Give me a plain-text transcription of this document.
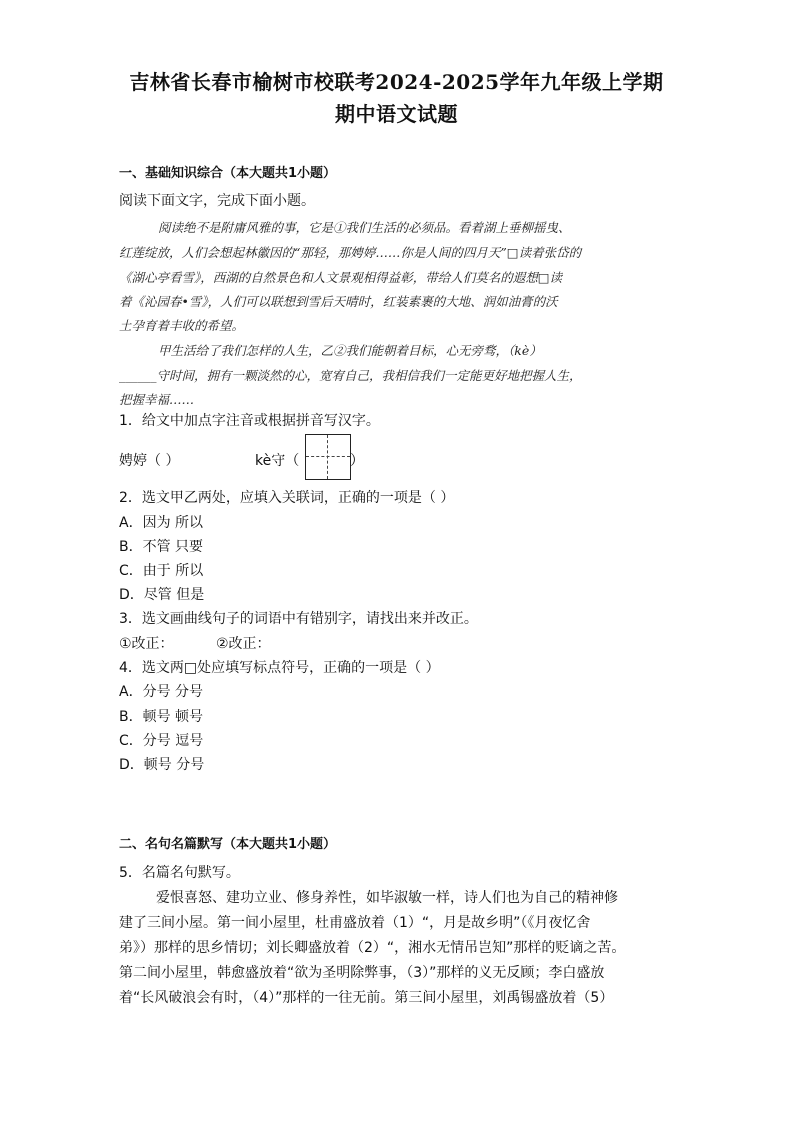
吉林省长春市榆树市校联考2024-2025学年九年级上学期
期中语文试题
一、基础知识综合（本大题共1小题）
阅读下面文字，完成下面小题。
阅读绝不是附庸风雅的事，它是①我们生活的必须品。看着湖上垂柳摇曳、
红莲绽放，人们会想起林徽因的“那轻，那娉婷……你是人间的四月天”□读着张岱的
《湖心亭看雪》，西湖的自然景色和人文景观相得益彰，带给人们莫名的遐想□读
着《沁园春•雪》，人们可以联想到雪后天晴时，红装素裹的大地、润如油膏的沃
土孕育着丰收的希望。
甲生活给了我们怎样的人生，乙②我们能朝着目标，心无旁骛，（kè）
______守时间，拥有一颗淡然的心，宽宥自己，我相信我们一定能更好地把握人生，
把握幸福……
1．给文中加点字注音或根据拼音写汉字。
娉婷（ ）	kè守（	）
2．选文甲乙两处，应填入关联词，正确的一项是（ ）
A．因为 所以
B．不管 只要
C．由于 所以
D．尽管 但是
3．选文画曲线句子的词语中有错别字，请找出来并改正。
①改正：	②改正：
4．选文两□处应填写标点符号，正确的一项是（ ）
A．分号 分号
B．顿号 顿号
C．分号 逗号
D．顿号 分号
二、名句名篇默写（本大题共1小题）
5．名篇名句默写。
爱恨喜怒、建功立业、修身养性，如毕淑敏一样，诗人们也为自己的精神修
建了三间小屋。第一间小屋里，杜甫盛放着（1）“，月是故乡明”（《月夜忆舍
弟》）那样的思乡情切；刘长卿盛放着（2）“，湘水无情吊岂知”那样的贬谪之苦。
第二间小屋里，韩愈盛放着“欲为圣明除弊事，（3）”那样的义无反顾；李白盛放
着“长风破浪会有时，（4）”那样的一往无前。第三间小屋里，刘禹锡盛放着（5）
